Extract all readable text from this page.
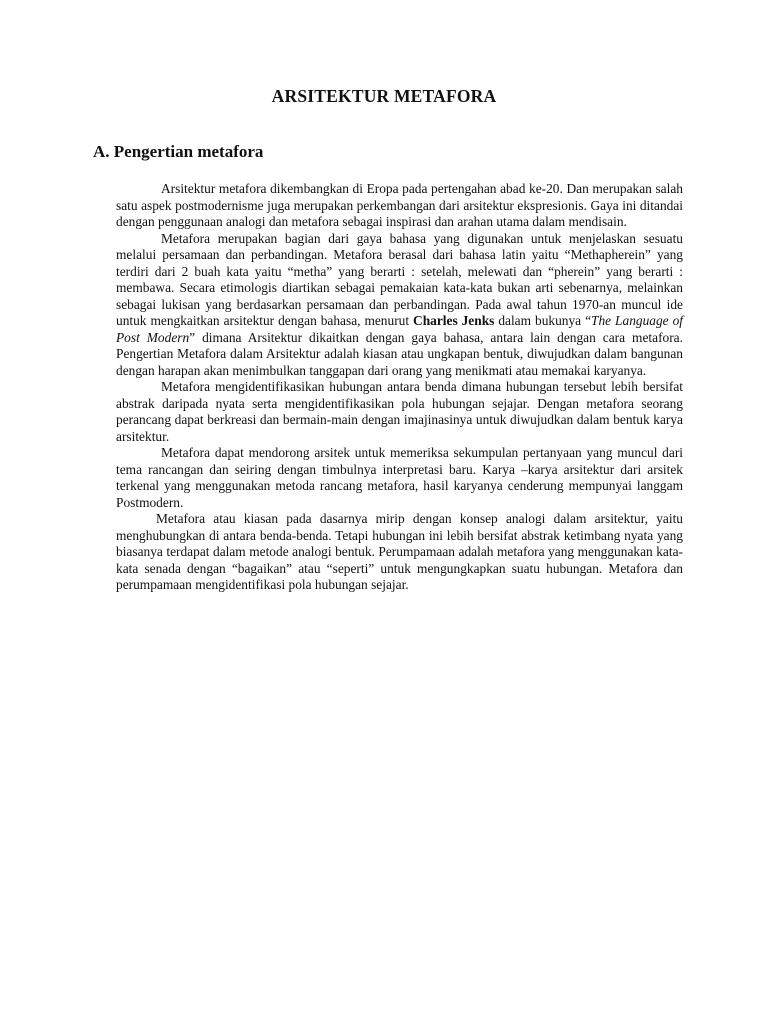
ARSITEKTUR METAFORA
A. Pengertian metafora

Arsitektur metafora dikembangkan di Eropa pada pertengahan abad ke-20. Dan merupakan salah satu aspek postmodernisme juga merupakan perkembangan dari arsitektur ekspresionis. Gaya ini ditandai dengan penggunaan analogi dan metafora sebagai inspirasi dan arahan utama dalam mendisain.

Metafora merupakan bagian dari gaya bahasa yang digunakan untuk menjelaskan sesuatu melalui persamaan dan perbandingan. Metafora berasal dari bahasa latin yaitu “Methapherein” yang terdiri dari 2 buah kata yaitu “metha” yang berarti : setelah, melewati dan “pherein” yang berarti : membawa. Secara etimologis diartikan sebagai pemakaian kata-kata bukan arti sebenarnya, melainkan sebagai lukisan yang berdasarkan persamaan dan perbandingan. Pada awal tahun 1970-an muncul ide untuk mengkaitkan arsitektur dengan bahasa, menurut Charles Jenks dalam bukunya “The Language of Post Modern” dimana Arsitektur dikaitkan dengan gaya bahasa, antara lain dengan cara metafora. Pengertian Metafora dalam Arsitektur adalah kiasan atau ungkapan bentuk, diwujudkan dalam bangunan dengan harapan akan menimbulkan tanggapan dari orang yang menikmati atau memakai karyanya.

Metafora mengidentifikasikan hubungan antara benda dimana hubungan tersebut lebih bersifat abstrak daripada nyata serta mengidentifikasikan pola hubungan sejajar. Dengan metafora seorang perancang dapat berkreasi dan bermain-main dengan imajinasinya untuk diwujudkan dalam bentuk karya arsitektur.

Metafora dapat mendorong arsitek untuk memeriksa sekumpulan pertanyaan yang muncul dari tema rancangan dan seiring dengan timbulnya interpretasi baru. Karya –karya arsitektur dari arsitek terkenal yang menggunakan metoda rancang metafora, hasil karyanya cenderung mempunyai langgam Postmodern.

Metafora atau kiasan pada dasarnya mirip dengan konsep analogi dalam arsitektur, yaitu menghubungkan di antara benda-benda. Tetapi hubungan ini lebih bersifat abstrak ketimbang nyata yang biasanya terdapat dalam metode analogi bentuk. Perumpamaan adalah metafora yang menggunakan kata-kata senada dengan “bagaikan” atau “seperti” untuk mengungkapkan suatu hubungan. Metafora dan perumpamaan mengidentifikasi pola hubungan sejajar.
